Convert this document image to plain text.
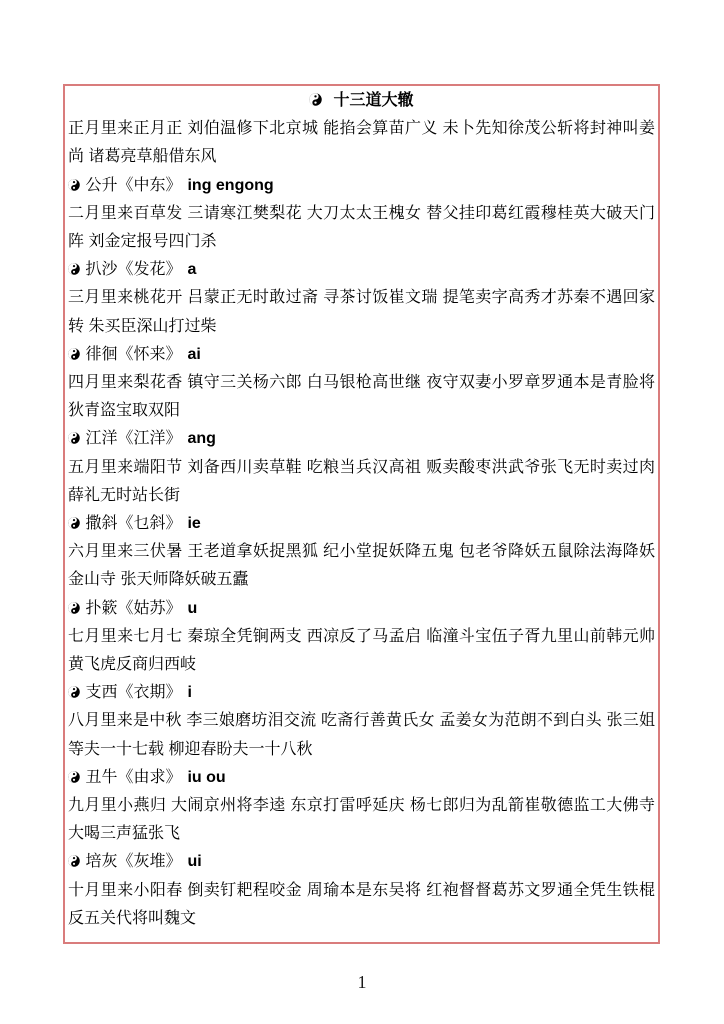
十三道大辙

正月里来正月正 刘伯温修下北京城 能掐会算苗广义 未卜先知徐茂公斩将封神叫姜尚 诸葛亮草船借东风

公升《中东》 ing engong

二月里来百草发 三请寒江樊梨花 大刀太太王槐女 替父挂印葛红霞穆桂英大破天门阵 刘金定报号四门杀

扒沙《发花》 a

三月里来桃花开 吕蒙正无时敢过斋 寻茶讨饭崔文瑞 提笔卖字高秀才苏秦不遇回家转 朱买臣深山打过柴

徘徊《怀来》 ai

四月里来梨花香 镇守三关杨六郎 白马银枪高世继 夜守双妻小罗章罗通本是青脸将 狄青盗宝取双阳

江洋《江洋》 ang

五月里来端阳节 刘备西川卖草鞋 吃粮当兵汉高祖 贩卖酸枣洪武爷张飞无时卖过肉 薛礼无时站长街

撒斜《乜斜》 ie

六月里来三伏暑 王老道拿妖捉黑狐 纪小堂捉妖降五鬼 包老爷降妖五鼠除法海降妖金山寺 张天师降妖破五蠹

扑簌《姑苏》 u

七月里来七月七 秦琼全凭锏两支 西凉反了马孟启 临潼斗宝伍子胥九里山前韩元帅 黄飞虎反商归西岐

支西《衣期》 i

八月里来是中秋 李三娘磨坊泪交流 吃斋行善黄氏女 孟姜女为范朗不到白头 张三姐等夫一十七载 柳迎春盼夫一十八秋

丑牛《由求》 iu ou

九月里小燕归 大闹京州将李逵 东京打雷呼延庆 杨七郎归为乱箭崔敬德监工大佛寺 大喝三声猛张飞

培灰《灰堆》 ui

十月里来小阳春 倒卖钉耙程咬金 周瑜本是东吴将 红袍督督葛苏文罗通全凭生铁棍 反五关代将叫魏文

1
